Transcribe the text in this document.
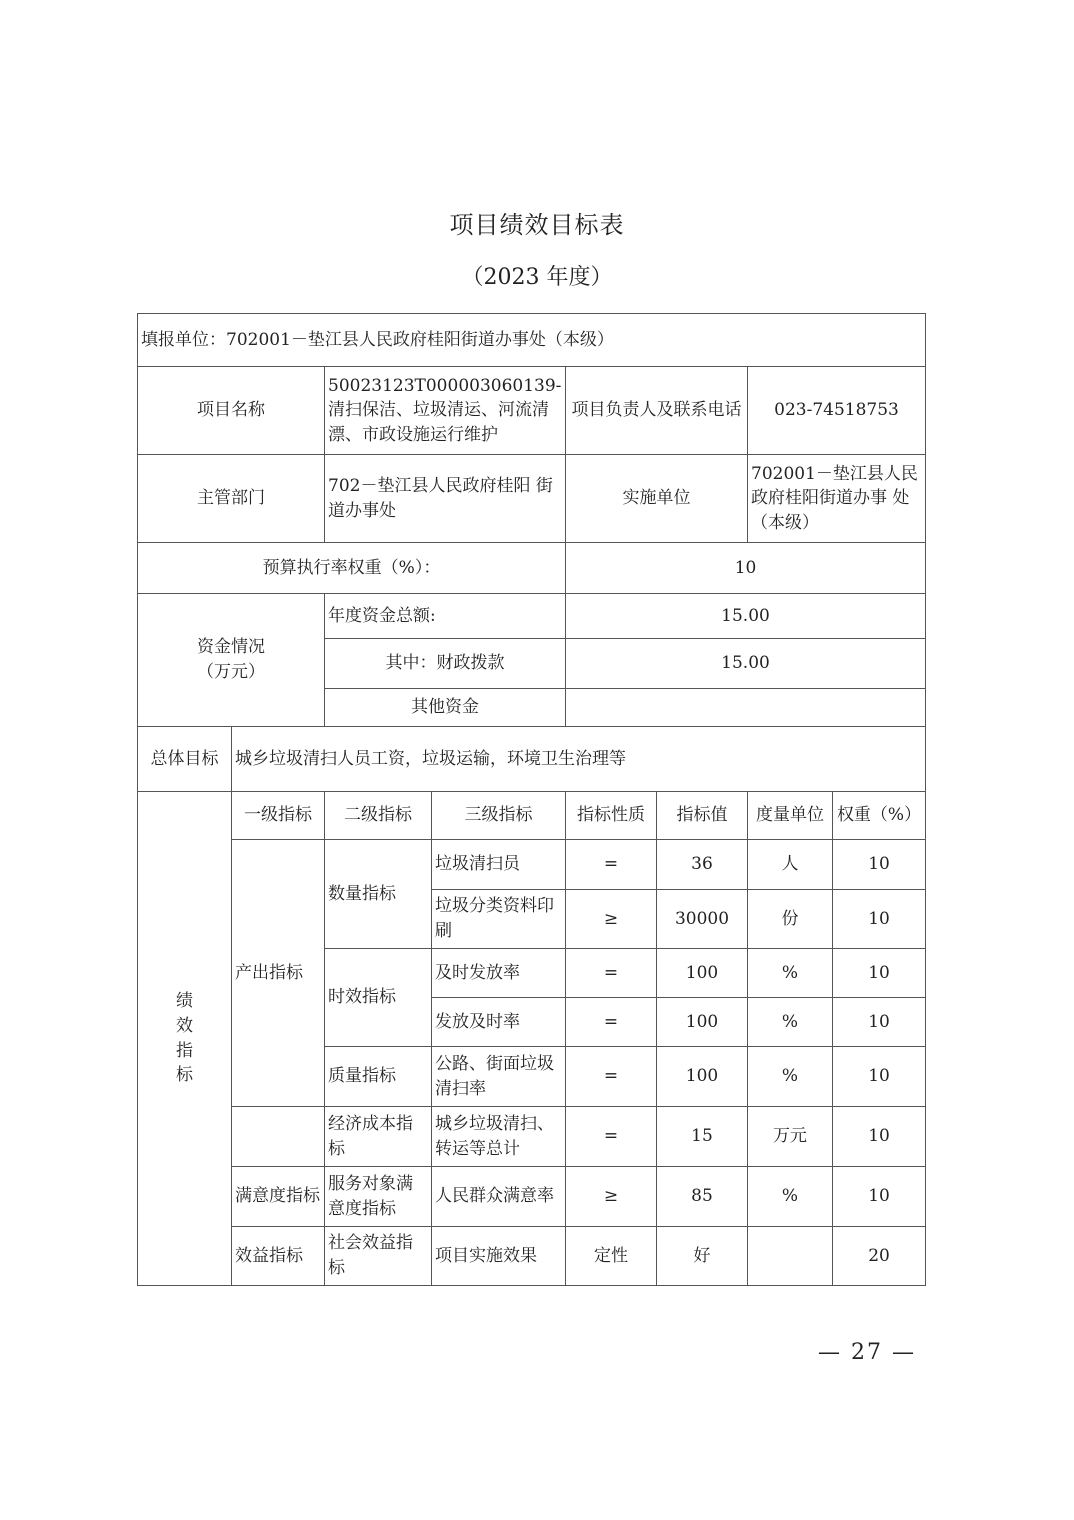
项目绩效目标表
（2023 年度）
填报单位：702001－垫江县人民政府桂阳街道办事处（本级）							
项目名称		50023123T000003060139-清扫保洁、垃圾清运、河流清漂、市政设施运行维护		项目负责人及联系电话		023-74518753	
主管部门		702－垫江县人民政府桂阳 街道办事处		实施单位		702001－垫江县人民 政府桂阳街道办事 处（本级）	
预算执行率权重（%）：				10			

资金情况
（万元）		年度资金总额:		15.00			
		其中：财政拨款		15.00			
		其他资金					
总体目标	城乡垃圾清扫人员工资，垃圾运输，环境卫生治理等						

绩
效
指
标	一级指标	二级指标	三级指标	指标性质	指标值	度量单位	权重（%）
	产出指标	数量指标	垃圾清扫员	=	36	人	10
			垃圾分类资料印刷	≥	30000	份	10
		时效指标	及时发放率	=	100	%	10
			发放及时率	=	100	%	10
		质量指标	公路、街面垃圾清扫率	=	100	%	10
		经济成本指标	城乡垃圾清扫、转运等总计	=	15	万元	10
	满意度指标	服务对象满意度指标	人民群众满意率	≥	85	%	10
	效益指标	社会效益指标	项目实施效果	定性	好		20
— 27 —
